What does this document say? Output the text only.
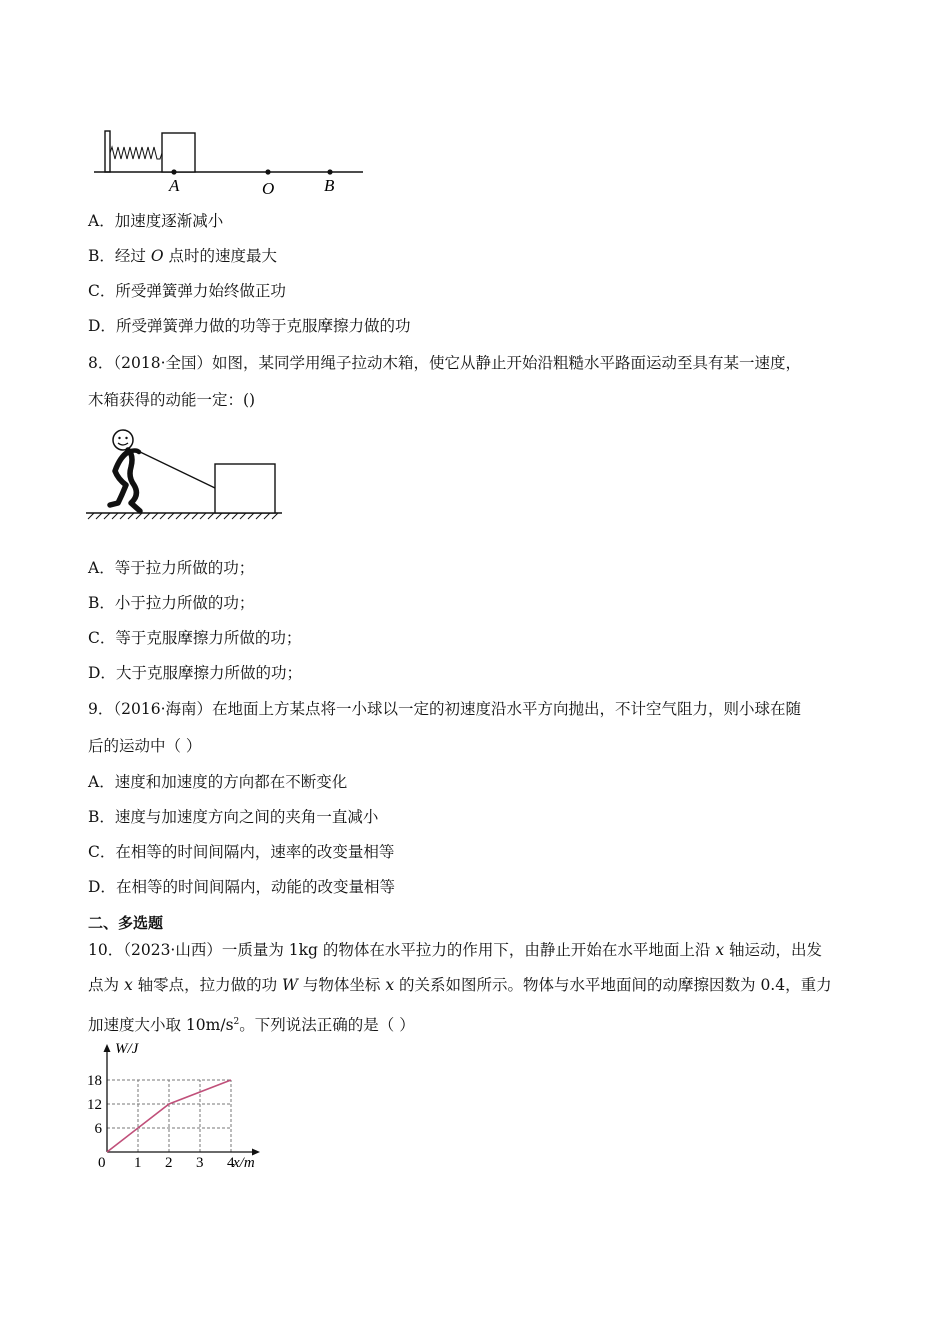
A	O	B
A．加速度逐渐减小
B．经过 O 点时的速度最大
C．所受弹簧弹力始终做正功
D．所受弹簧弹力做的功等于克服摩擦力做的功
8．（2018·全国）如图，某同学用绳子拉动木箱，使它从静止开始沿粗糙水平路面运动至具有某一速度，
木箱获得的动能一定：()
A．等于拉力所做的功；
B．小于拉力所做的功；
C．等于克服摩擦力所做的功；
D．大于克服摩擦力所做的功；
9．（2016·海南）在地面上方某点将一小球以一定的初速度沿水平方向抛出，不计空气阻力，则小球在随
后的运动中（ ）
A．速度和加速度的方向都在不断变化
B．速度与加速度方向之间的夹角一直减小
C．在相等的时间间隔内，速率的改变量相等
D．在相等的时间间隔内，动能的改变量相等
二、多选题
10．（2023·山西）一质量为 1kg 的物体在水平拉力的作用下，由静止开始在水平地面上沿 x 轴运动，出发
点为 x 轴零点，拉力做的功 W 与物体坐标 x 的关系如图所示。物体与水平地面间的动摩擦因数为 0.4，重力
加速度大小取 $10m/s^2$。下列说法正确的是（ ）
6
12
18
1 2 3 4
0
W/J
x/m
